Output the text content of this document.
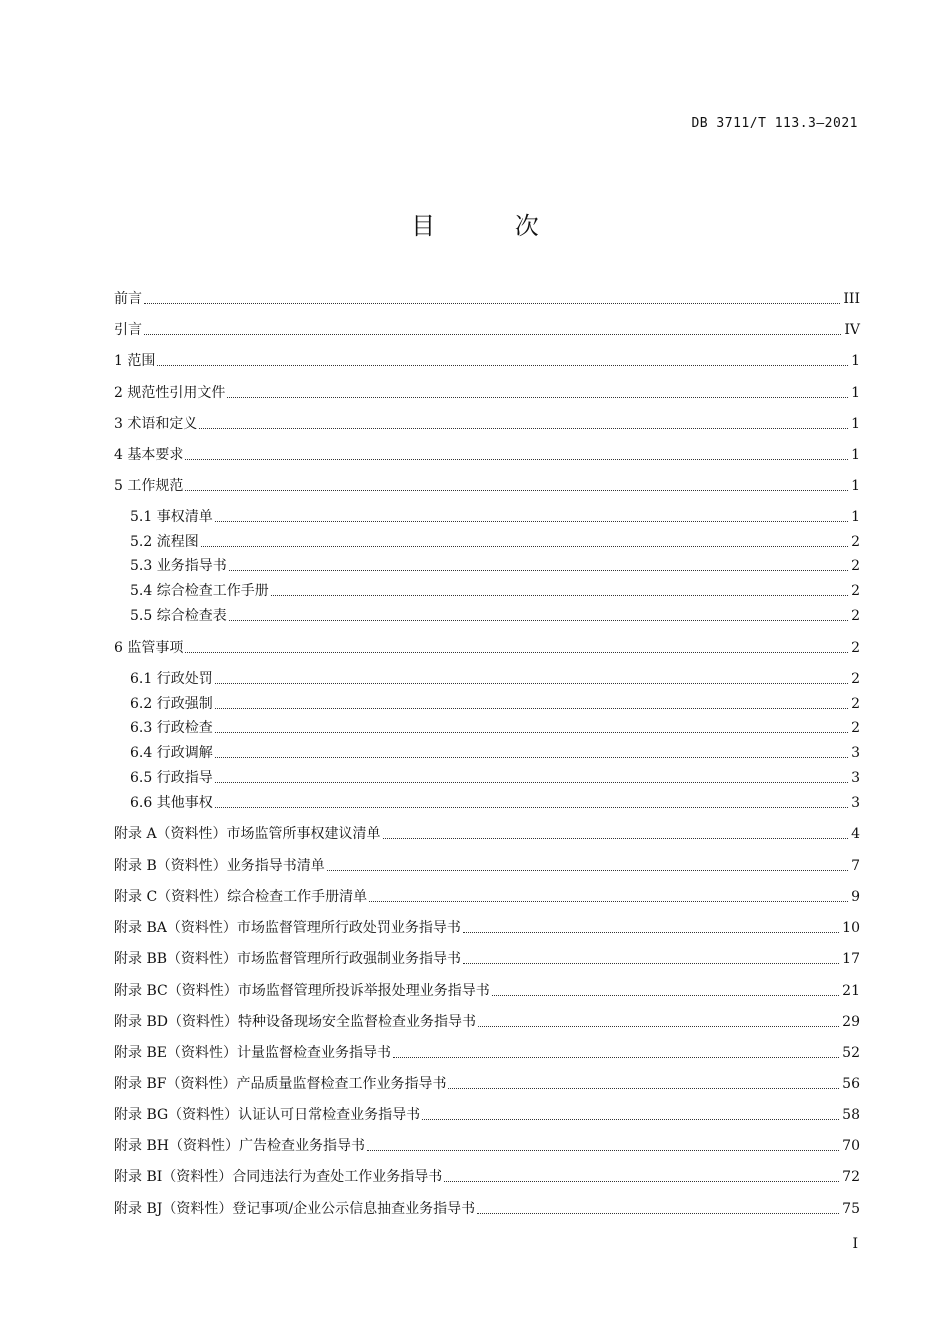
DB 3711/T 113.3—2021
目 次
前言	III
引言	IV
1 范围	1
2 规范性引用文件	1
3 术语和定义	1
4 基本要求	1
5 工作规范	1
5.1 事权清单	1
5.2 流程图	2
5.3 业务指导书	2
5.4 综合检查工作手册	2
5.5 综合检查表	2
6 监管事项	2
6.1 行政处罚	2
6.2 行政强制	2
6.3 行政检查	2
6.4 行政调解	3
6.5 行政指导	3
6.6 其他事权	3
附录 A（资料性）市场监管所事权建议清单	4
附录 B（资料性）业务指导书清单	7
附录 C（资料性）综合检查工作手册清单	9
附录 BA（资料性）市场监督管理所行政处罚业务指导书	10
附录 BB（资料性）市场监督管理所行政强制业务指导书	17
附录 BC（资料性）市场监督管理所投诉举报处理业务指导书	21
附录 BD（资料性）特种设备现场安全监督检查业务指导书	29
附录 BE（资料性）计量监督检查业务指导书	52
附录 BF（资料性）产品质量监督检查工作业务指导书	56
附录 BG（资料性）认证认可日常检查业务指导书	58
附录 BH（资料性）广告检查业务指导书	70
附录 BI（资料性）合同违法行为查处工作业务指导书	72
附录 BJ（资料性）登记事项/企业公示信息抽查业务指导书	75
I
